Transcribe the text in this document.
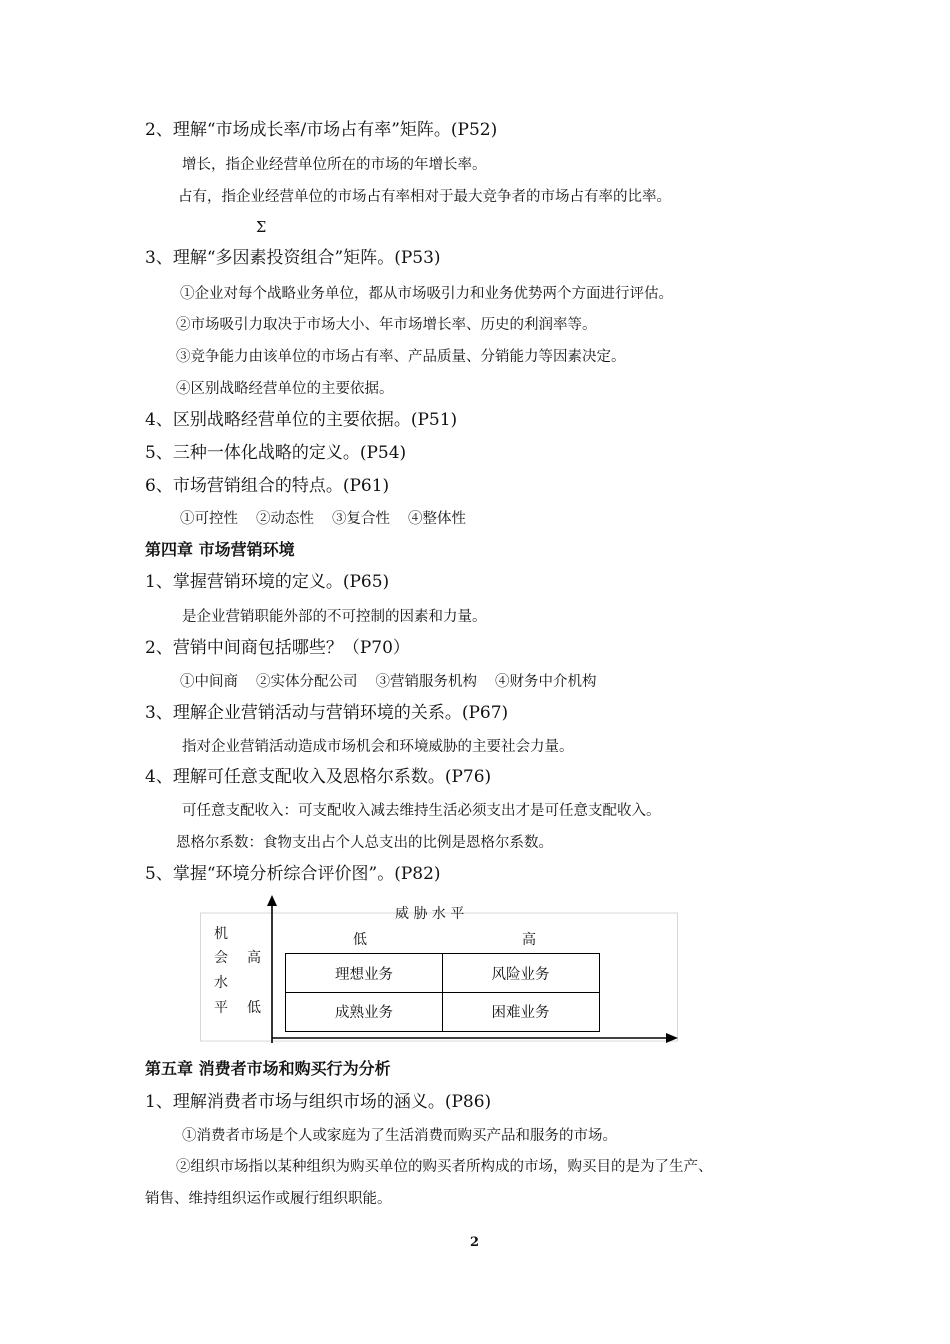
2、理解“市场成长率/市场占有率”矩阵。(P52)
增长，指企业经营单位所在的市场的年增长率。
占有，指企业经营单位的市场占有率相对于最大竞争者的市场占有率的比率。
Σ
3、理解“多因素投资组合”矩阵。(P53)
①企业对每个战略业务单位，都从市场吸引力和业务优势两个方面进行评估。
②市场吸引力取决于市场大小、年市场增长率、历史的利润率等。
③竞争能力由该单位的市场占有率、产品质量、分销能力等因素决定。
④区别战略经营单位的主要依据。
4、区别战略经营单位的主要依据。(P51)
5、三种一体化战略的定义。(P54)
6、市场营销组合的特点。(P61)
①可控性 ②动态性 ③复合性 ④整体性
第四章 市场营销环境
1、掌握营销环境的定义。(P65)
是企业营销职能外部的不可控制的因素和力量。
2、营销中间商包括哪些？（P70）
①中间商 ②实体分配公司 ③营销服务机构 ④财务中介机构
3、理解企业营销活动与营销环境的关系。(P67)
指对企业营销活动造成市场机会和环境威胁的主要社会力量。
4、理解可任意支配收入及恩格尔系数。(P76)
可任意支配收入：可支配收入减去维持生活必须支出才是可任意支配收入。
恩格尔系数：食物支出占个人总支出的比例是恩格尔系数。
5、掌握“环境分析综合评价图”。(P82)
威 胁 水 平
低	高
机
会
水
平
高
低
理想业务	风险业务
成熟业务	困难业务
第五章 消费者市场和购买行为分析
1、理解消费者市场与组织市场的涵义。(P86)
①消费者市场是个人或家庭为了生活消费而购买产品和服务的市场。
②组织市场指以某种组织为购买单位的购买者所构成的市场，购买目的是为了生产、
销售、维持组织运作或履行组织职能。
2
